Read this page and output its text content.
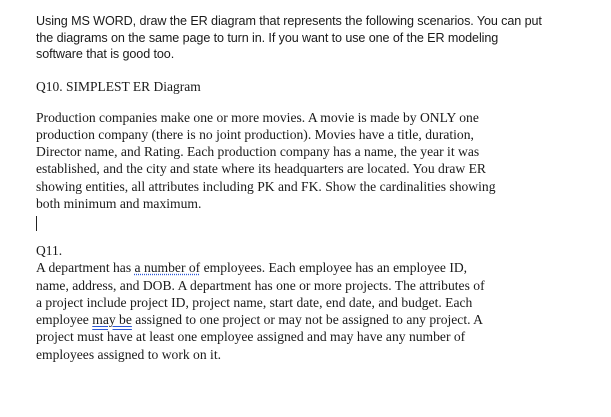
Using MS WORD, draw the ER diagram that represents the following scenarios. You can put
the diagrams on the same page to turn in. If you want to use one of the ER modeling
software that is good too.

Q10. SIMPLEST ER Diagram

Production companies make one or more movies. A movie is made by ONLY one
production company (there is no joint production). Movies have a title, duration,
Director name, and Rating. Each production company has a name, the year it was
established, and the city and state where its headquarters are located. You draw ER
showing entities, all attributes including PK and FK. Show the cardinalities showing
both minimum and maximum.

Q11.

A department has a number of employees. Each employee has an employee ID,
name, address, and DOB. A department has one or more projects. The attributes of
a project include project ID, project name, start date, end date, and budget. Each
employee may be assigned to one project or may not be assigned to any project. A
project must have at least one employee assigned and may have any number of
employees assigned to work on it.
